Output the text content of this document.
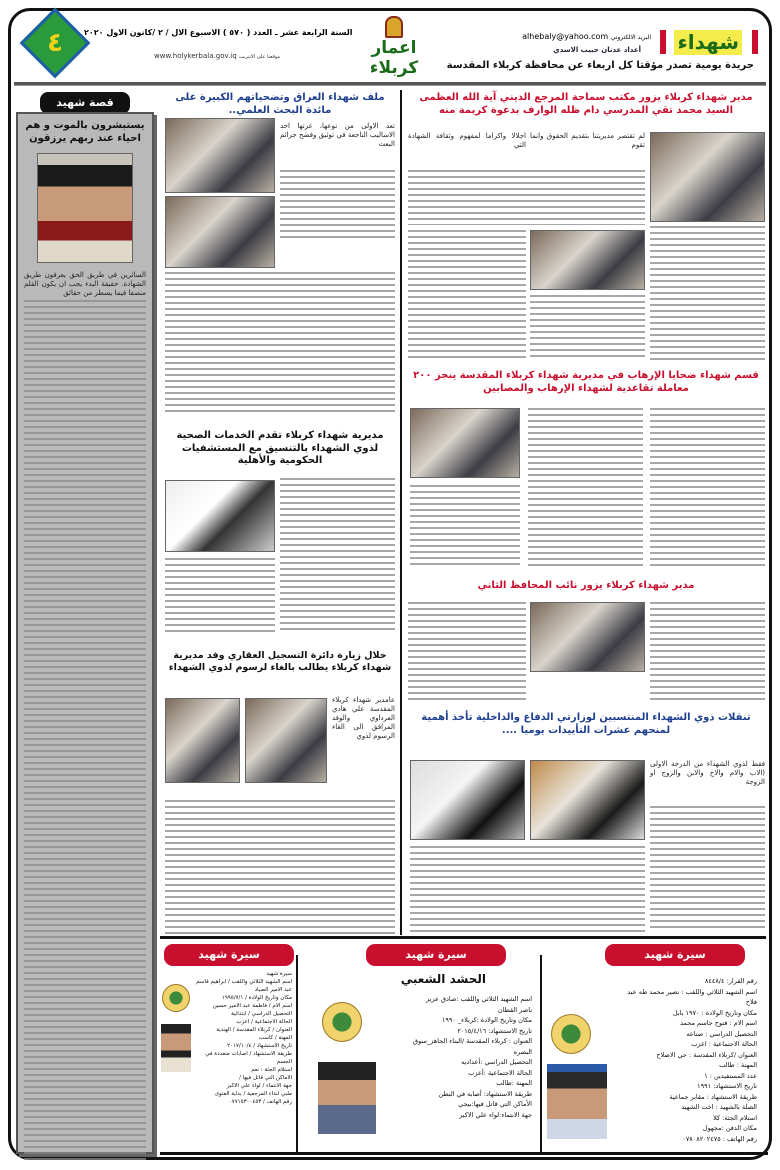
شهداء
alhebaly@yahoo.com البريد الالكتروني
أعداد عدنان حبيب الاسدي
جريدة يومية تصدر مؤقتا كل اربعاء عن محافظة كربلاء المقدسة
اعمار كربلاء
السنة الرابعة عشر ـ العدد ( ٥٧٠ ) الاسبوع الال / ٢ /كانون الاول ٢٠٢٠
www.holykerbala.gov.iq موقعنا على الانترنت
٤
قصة شهيد
يستبشرون بالموت و هم احياء عند ربهم يرزقون
السائرين في طريق الحق يعرفون طريق الشهادة. حقيقة البدء يجب ان يكون القلم منصفا فيما يسطر من حقائق
ملف شهداء العراق وتضحياتهم الكبيرة على مائدة البحث العلمي..
تعد الاولى من نوعها، غرتها احد الاساليب الناجعة في توثيق وفضح جرائم البعث
مديرية شهداء كربلاء تقدم الخدمات الصحية لذوي الشهداء بالتنسيق مع المستشفيات الحكومية والأهلية
خلال زيارة دائرة التسجيل العقاري وفد مديرية شهداء كربلاء يطالب بالغاء لرسوم لذوي الشهداء
عامدير شهداء كربلاء المقدسة علي هادي العرداوي والوفد المرافق الى الغاء الرسوم لذوي
مدير شهداء كربلاء يزور مكتب سماحة المرجع الديني آية الله العظمى السيد محمد تقي المدرسي دام ظله الوارف بدعوة كريمة منه
لم تقتصر مديريتنا بتقديم الحقوق وانما تقوم
اجلالا واكراما لمفهوم وثقافة الشهادة التي
قسم شهداء ضحايا الإرهاب في مديرية شهداء كربلاء المقدسة ينجز ٢٠٠ معاملة تقاعدية لشهداء الإرهاب والمصابين
مدير شهداء كربلاء يزور نائب المحافظ الثاني
تنقلات ذوي الشهداء المنتسبين لوزارتي الدفاع والداخلية تأخذ أهمية لمنحهم عشرات التأييدات يوميا ....
فقط لذوي الشهداء من الدرجة الاولى (الاب والام والاخ والابن والزوج او الزوجة
سيرة شهيد
رقم القرار: ٨٤٤٨/٤
اسم الشهيد الثلاثي واللقب : نصير محمد طه عبد فلاح
مكان وتاريخ الولادة : ١٩٧٠ بابل
اسم الام : فتوح جاسم محمد
التحصيل الدراسي : صناعه
الحالة الاجتماعية : اعزب
العنوان /كربلاء المقدسة : حي الاصلاح
المهنة : طالب
عدد المستفيدين : ١
تاريخ الاستشهاد: ١٩٩١
طريقة الاستشهاد : مقابر جماعية
الصلة بالشهيد : اخت الشهيد
استلام الجثة: كلا
مكان الدفن :مجهول
رقم الهاتف : ٠٧٨٠٨٢٠٢٤٧٥
سيرة شهيد
الحشد الشعبي
اسم الشهيد الثلاثي واللقب :صادق عزيز ناصر القطان
مكان وتاريخ الولادة :كربلاء_ ١٩٩٠
تاريخ الاستشهاد: ٢٠١٥/٤/١٦
العنوان : كربلاء المقدسة /البناء الجاهز_سوق البصره
التحصيل الدراسي :أعداديه
الحالة الاجتماعية :أعزب
المهنة :طالب
طريقة الاستشهاد: أصابه في البطن
الأماكن التي قاتل فيها:بيجي
جهة الانتماء:لواء علي الاكبر
سيرة شهيد
سيرة شهيد
اسم الشهيد الثلاثي واللقب / ابراهيم قاسم عبد الامير الصياد
مكان وتاريخ الولادة / ١٩٩٥/٧/١
اسم الام / فاطمة عبد الامير حسين
التحصيل الدراسي / ابتدائية
الحالة الاجتماعية / اعزب
العنوان / كربلاء المقدسة / الهندية
المهنة / كاسب
تاريخ الاستشهاد / ٢٠١٧/١٠/٤
طريقة الاستشهاد / اصابات متعددة في الجسم
استلام الجثة : نعم
الاماكن التي قاتل فيها /
جهة الانتماء / لواء علي الاكبر
ملبي لنداء المرجعية / بداية الفتوى
رقم الهاتف / ٠٧٧١٥٣٠٠٤٥٣
